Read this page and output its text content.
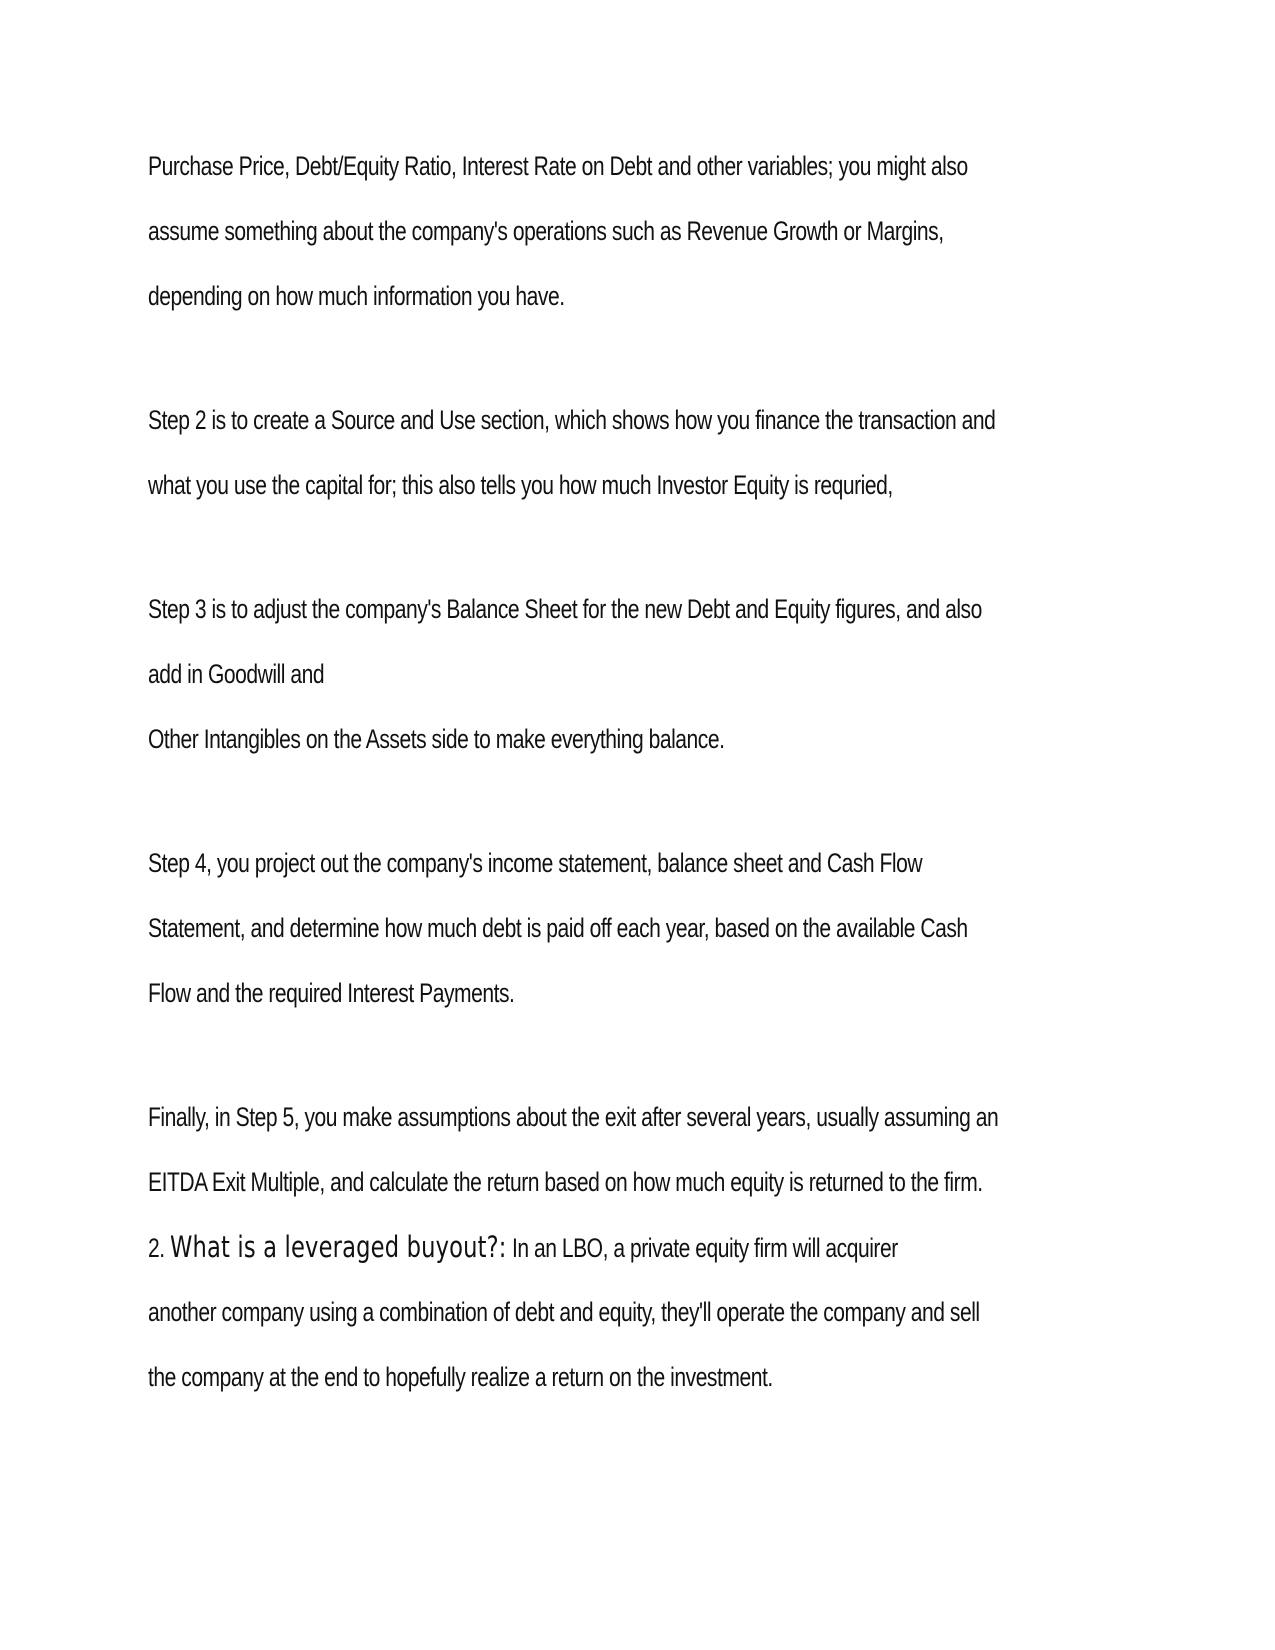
Purchase Price, Debt/Equity Ratio, Interest Rate on Debt and other variables; you might also
assume something about the company's operations such as Revenue Growth or Margins,
depending on how much information you have.
Step 2 is to create a Source and Use section, which shows how you finance the transaction and
what you use the capital for; this also tells you how much Investor Equity is requried,
Step 3 is to adjust the company's Balance Sheet for the new Debt and Equity figures, and also
add in Goodwill and
Other Intangibles on the Assets side to make everything balance.
Step 4, you project out the company's income statement, balance sheet and Cash Flow
Statement, and determine how much debt is paid off each year, based on the available Cash
Flow and the required Interest Payments.
Finally, in Step 5, you make assumptions about the exit after several years, usually assuming an
EITDA Exit Multiple, and calculate the return based on how much equity is returned to the firm.
2. What is a leveraged buyout?: In an LBO, a private equity firm will acquirer
another company using a combination of debt and equity, they'll operate the company and sell
the company at the end to hopefully realize a return on the investment.
